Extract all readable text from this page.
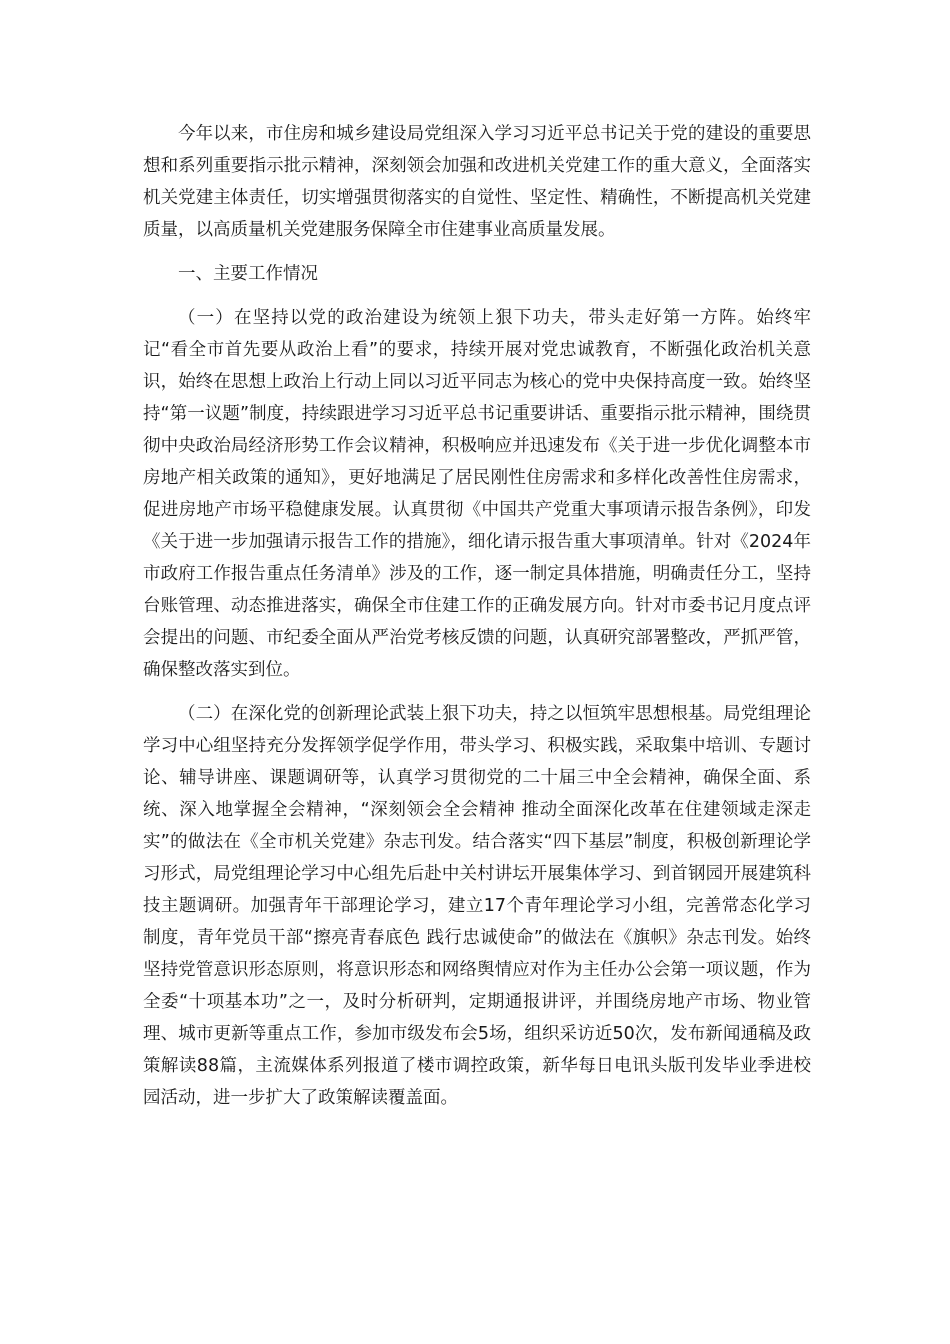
今年以来，市住房和城乡建设局党组深入学习习近平总书记关于党的建设的重要思想和系列重要指示批示精神，深刻领会加强和改进机关党建工作的重大意义，全面落实机关党建主体责任，切实增强贯彻落实的自觉性、坚定性、精确性，不断提高机关党建质量，以高质量机关党建服务保障全市住建事业高质量发展。

一、主要工作情况

（一）在坚持以党的政治建设为统领上狠下功夫，带头走好第一方阵。始终牢记“看全市首先要从政治上看”的要求，持续开展对党忠诚教育，不断强化政治机关意识，始终在思想上政治上行动上同以习近平同志为核心的党中央保持高度一致。始终坚持“第一议题”制度，持续跟进学习习近平总书记重要讲话、重要指示批示精神，围绕贯彻中央政治局经济形势工作会议精神，积极响应并迅速发布《关于进一步优化调整本市房地产相关政策的通知》，更好地满足了居民刚性住房需求和多样化改善性住房需求，促进房地产市场平稳健康发展。认真贯彻《中国共产党重大事项请示报告条例》，印发《关于进一步加强请示报告工作的措施》，细化请示报告重大事项清单。针对《2024年市政府工作报告重点任务清单》涉及的工作，逐一制定具体措施，明确责任分工，坚持台账管理、动态推进落实，确保全市住建工作的正确发展方向。针对市委书记月度点评会提出的问题、市纪委全面从严治党考核反馈的问题，认真研究部署整改，严抓严管，确保整改落实到位。

（二）在深化党的创新理论武装上狠下功夫，持之以恒筑牢思想根基。局党组理论学习中心组坚持充分发挥领学促学作用，带头学习、积极实践，采取集中培训、专题讨论、辅导讲座、课题调研等，认真学习贯彻党的二十届三中全会精神，确保全面、系统、深入地掌握全会精神，“深刻领会全会精神 推动全面深化改革在住建领域走深走实”的做法在《全市机关党建》杂志刊发。结合落实“四下基层”制度，积极创新理论学习形式，局党组理论学习中心组先后赴中关村讲坛开展集体学习、到首钢园开展建筑科技主题调研。加强青年干部理论学习，建立17个青年理论学习小组，完善常态化学习制度，青年党员干部“擦亮青春底色 践行忠诚使命”的做法在《旗帜》杂志刊发。始终坚持党管意识形态原则，将意识形态和网络舆情应对作为主任办公会第一项议题，作为全委“十项基本功”之一，及时分析研判，定期通报讲评，并围绕房地产市场、物业管理、城市更新等重点工作，参加市级发布会5场，组织采访近50次，发布新闻通稿及政策解读88篇，主流媒体系列报道了楼市调控政策，新华每日电讯头版刊发毕业季进校园活动，进一步扩大了政策解读覆盖面。
